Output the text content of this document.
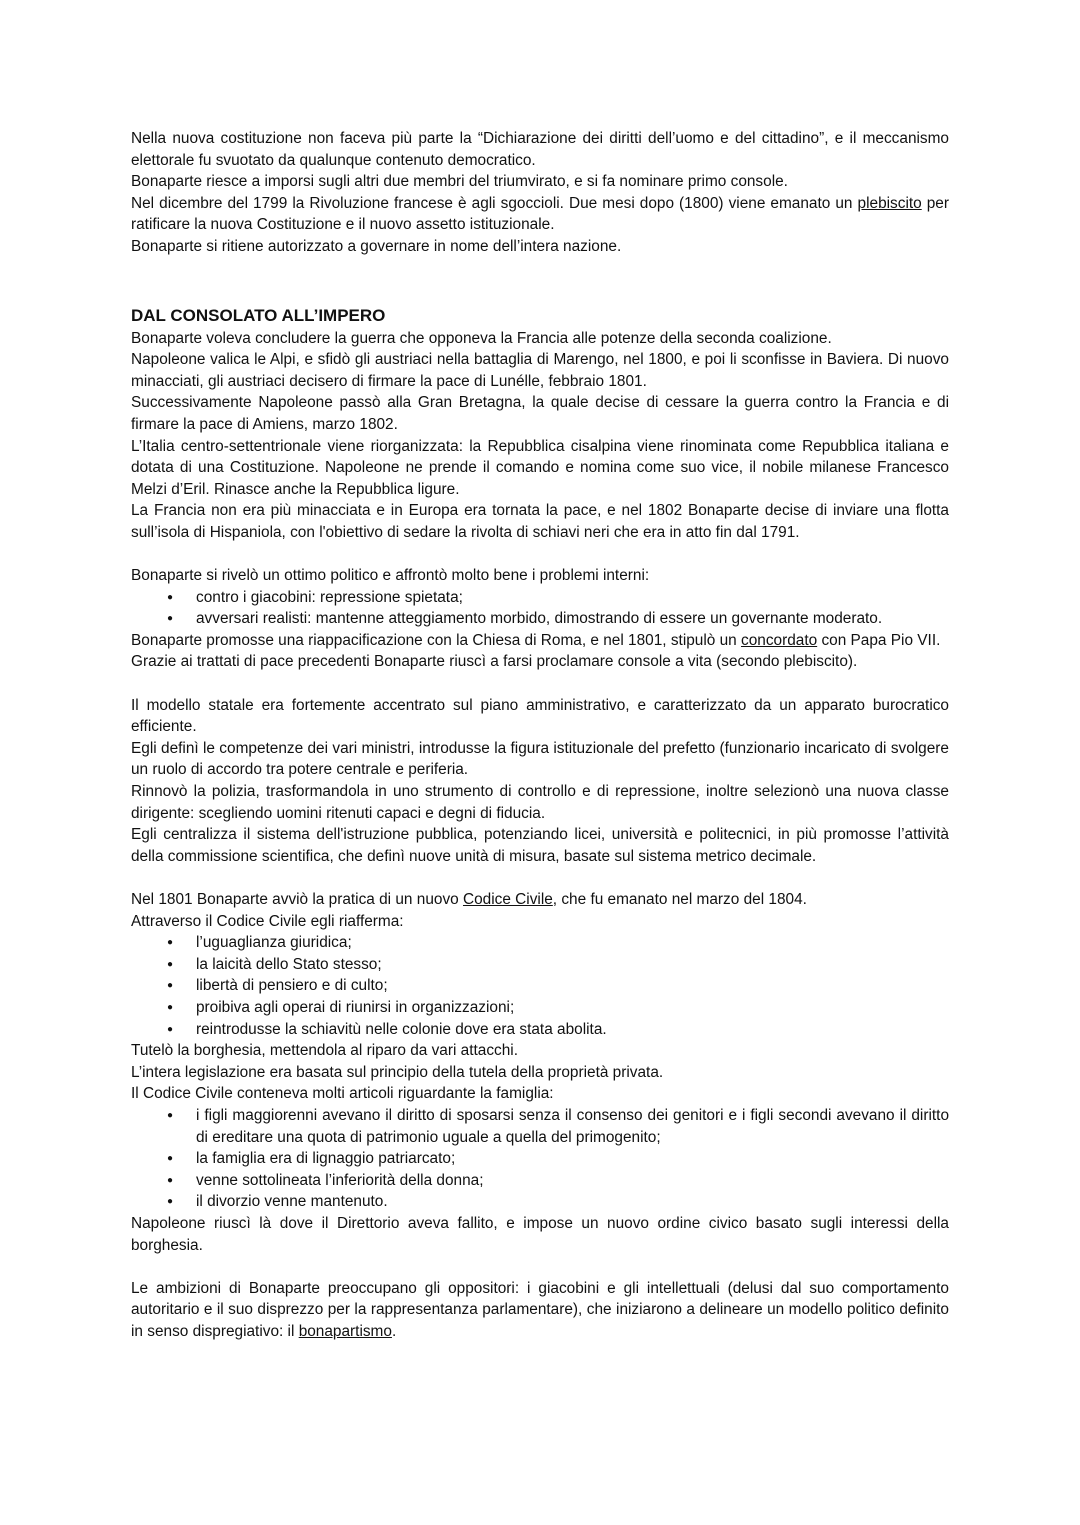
Nella nuova costituzione non faceva più parte la “Dichiarazione dei diritti dell’uomo e del cittadino”, e il meccanismo elettorale fu svuotato da qualunque contenuto democratico.

Bonaparte riesce a imporsi sugli altri due membri del triumvirato, e si fa nominare primo console.

Nel dicembre del 1799 la Rivoluzione francese è agli sgoccioli. Due mesi dopo (1800) viene emanato un plebiscito per ratificare la nuova Costituzione e il nuovo assetto istituzionale.

Bonaparte si ritiene autorizzato a governare in nome dell’intera nazione.

DAL CONSOLATO ALL’IMPERO

Bonaparte voleva concludere la guerra che opponeva la Francia alle potenze della seconda coalizione.

Napoleone valica le Alpi, e sfidò gli austriaci nella battaglia di Marengo, nel 1800, e poi li sconfisse in Baviera. Di nuovo minacciati, gli austriaci decisero di firmare la pace di Lunélle, febbraio 1801.

Successivamente Napoleone passò alla Gran Bretagna, la quale decise di cessare la guerra contro la Francia e di firmare la pace di Amiens, marzo 1802.

L’Italia centro-settentrionale viene riorganizzata: la Repubblica cisalpina viene rinominata come Repubblica italiana e dotata di una Costituzione. Napoleone ne prende il comando e nomina come suo vice, il nobile milanese Francesco Melzi d’Eril. Rinasce anche la Repubblica ligure.

La Francia non era più minacciata e in Europa era tornata la pace, e nel 1802 Bonaparte decise di inviare una flotta sull’isola di Hispaniola, con l'obiettivo di sedare la rivolta di schiavi neri che era in atto fin dal 1791.

Bonaparte si rivelò un ottimo politico e affrontò molto bene i problemi interni:

● contro i giacobini: repressione spietata;
● avversari realisti: mantenne atteggiamento morbido, dimostrando di essere un governante moderato.

Bonaparte promosse una riappacificazione con la Chiesa di Roma, e nel 1801, stipulò un concordato con Papa Pio VII.

Grazie ai trattati di pace precedenti Bonaparte riuscì a farsi proclamare console a vita (secondo plebiscito).

Il modello statale era fortemente accentrato sul piano amministrativo, e caratterizzato da un apparato burocratico efficiente.

Egli definì le competenze dei vari ministri, introdusse la figura istituzionale del prefetto (funzionario incaricato di svolgere un ruolo di accordo tra potere centrale e periferia.

Rinnovò la polizia, trasformandola in uno strumento di controllo e di repressione, inoltre selezionò una nuova classe dirigente: scegliendo uomini ritenuti capaci e degni di fiducia.

Egli centralizza il sistema dell'istruzione pubblica, potenziando licei, università e politecnici, in più promosse l’attività della commissione scientifica, che definì nuove unità di misura, basate sul sistema metrico decimale.

Nel 1801 Bonaparte avviò la pratica di un nuovo Codice Civile, che fu emanato nel marzo del 1804.

Attraverso il Codice Civile egli riafferma:

● l’uguaglianza giuridica;
● la laicità dello Stato stesso;
● libertà di pensiero e di culto;
● proibiva agli operai di riunirsi in organizzazioni;
● reintrodusse la schiavitù nelle colonie dove era stata abolita.

Tutelò la borghesia, mettendola al riparo da vari attacchi.

L’intera legislazione era basata sul principio della tutela della proprietà privata.

Il Codice Civile conteneva molti articoli riguardante la famiglia:

● i figli maggiorenni avevano il diritto di sposarsi senza il consenso dei genitori e i figli secondi avevano il diritto di ereditare una quota di patrimonio uguale a quella del primogenito;
● la famiglia era di lignaggio patriarcato;
● venne sottolineata l’inferiorità della donna;
● il divorzio venne mantenuto.

Napoleone riuscì là dove il Direttorio aveva fallito, e impose un nuovo ordine civico basato sugli interessi della borghesia.

Le ambizioni di Bonaparte preoccupano gli oppositori: i giacobini e gli intellettuali (delusi dal suo comportamento autoritario e il suo disprezzo per la rappresentanza parlamentare), che iniziarono a delineare un modello politico definito in senso dispregiativo: il bonapartismo.
